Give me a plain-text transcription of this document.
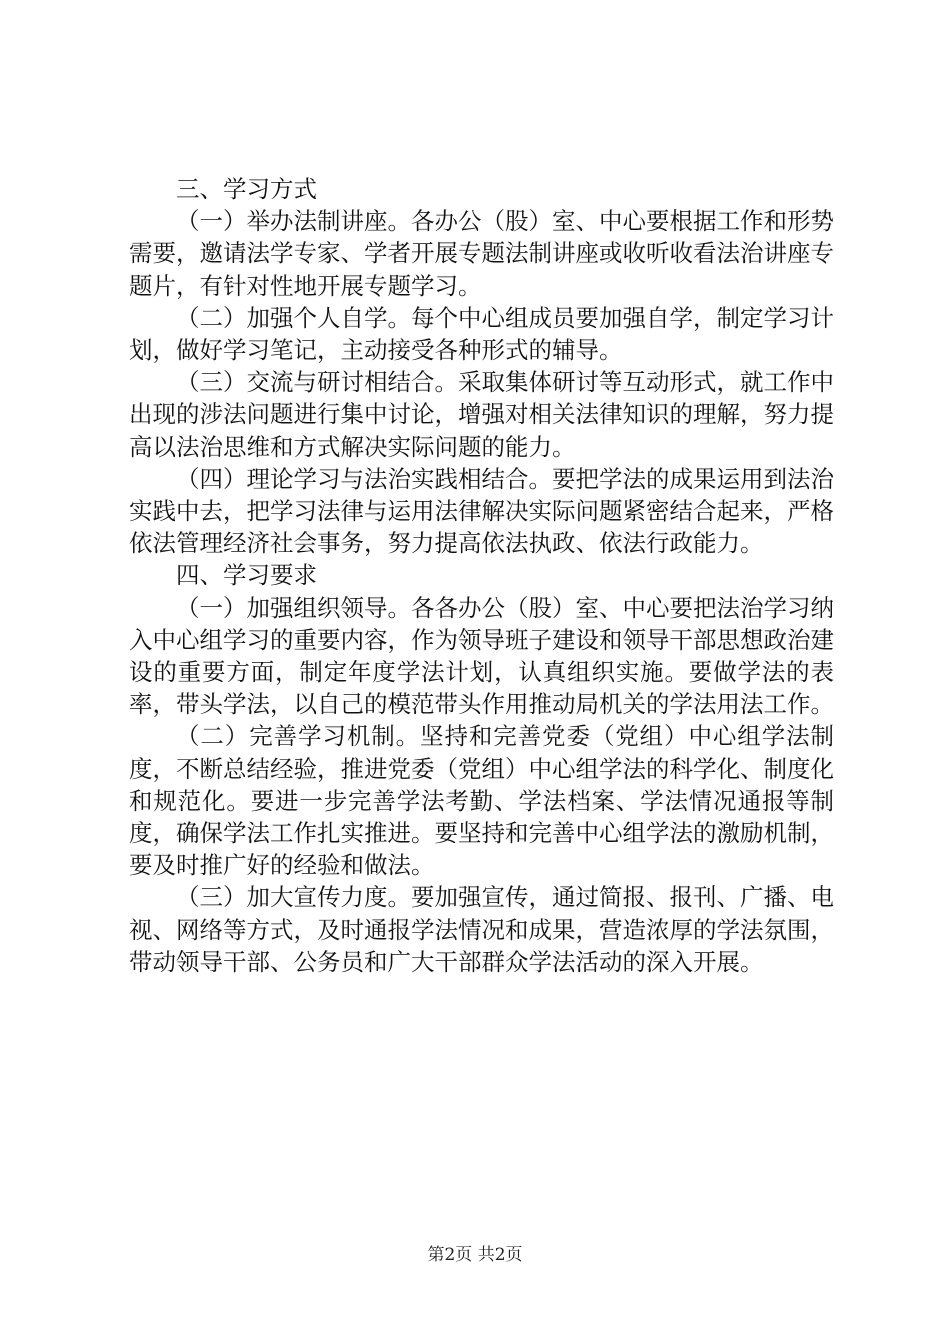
三、学习方式

（一）举办法制讲座。各办公（股）室、中心要根据工作和形势需要，邀请法学专家、学者开展专题法制讲座或收听收看法治讲座专题片，有针对性地开展专题学习。

（二）加强个人自学。每个中心组成员要加强自学，制定学习计划，做好学习笔记，主动接受各种形式的辅导。

（三）交流与研讨相结合。采取集体研讨等互动形式，就工作中出现的涉法问题进行集中讨论，增强对相关法律知识的理解，努力提高以法治思维和方式解决实际问题的能力。

（四）理论学习与法治实践相结合。要把学法的成果运用到法治实践中去，把学习法律与运用法律解决实际问题紧密结合起来，严格依法管理经济社会事务，努力提高依法执政、依法行政能力。

四、学习要求

（一）加强组织领导。各各办公（股）室、中心要把法治学习纳入中心组学习的重要内容，作为领导班子建设和领导干部思想政治建设的重要方面，制定年度学法计划，认真组织实施。要做学法的表率，带头学法，以自己的模范带头作用推动局机关的学法用法工作。

（二）完善学习机制。坚持和完善党委（党组）中心组学法制度，不断总结经验，推进党委（党组）中心组学法的科学化、制度化和规范化。要进一步完善学法考勤、学法档案、学法情况通报等制度，确保学法工作扎实推进。要坚持和完善中心组学法的激励机制，要及时推广好的经验和做法。

（三）加大宣传力度。要加强宣传，通过简报、报刊、广播、电视、网络等方式，及时通报学法情况和成果，营造浓厚的学法氛围，带动领导干部、公务员和广大干部群众学法活动的深入开展。

第2页 共2页
